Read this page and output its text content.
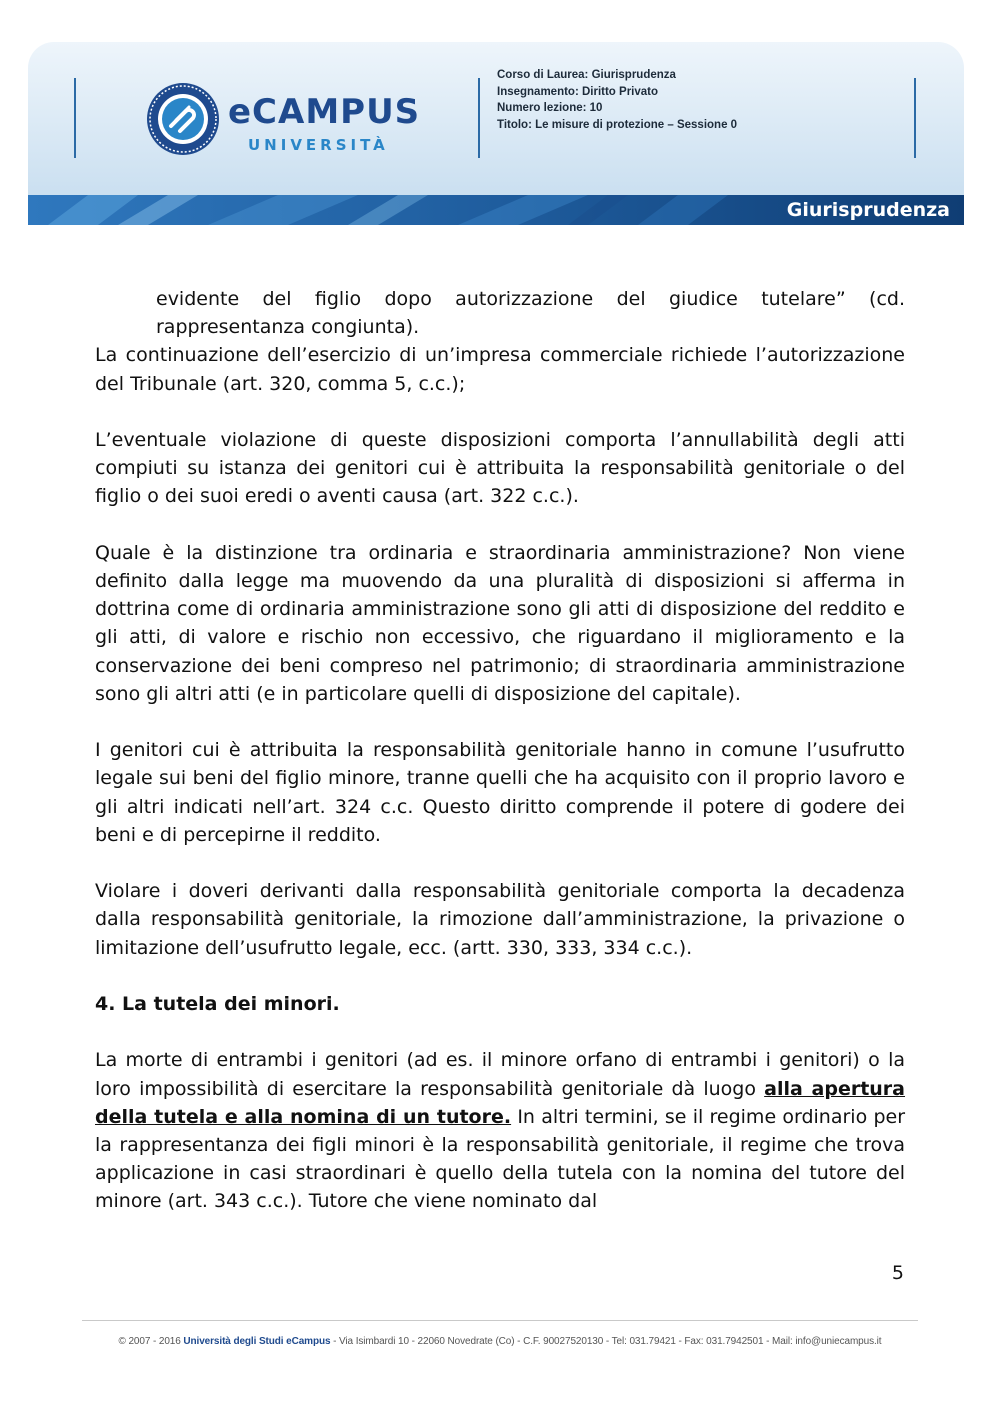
eCAMPUS
UNIVERSITÀ
Corso di Laurea: Giurisprudenza
Insegnamento: Diritto Privato
Numero lezione: 10
Titolo: Le misure di protezione – Sessione 0
Giurisprudenza

evidente del figlio dopo autorizzazione del giudice tutelare” (cd. rappresentanza congiunta).

La continuazione dell’esercizio di un’impresa commerciale richiede l’autorizzazione del Tribunale (art. 320, comma 5, c.c.);

L’eventuale violazione di queste disposizioni comporta l’annullabilità degli atti compiuti su istanza dei genitori cui è attribuita la responsabilità genitoriale o del figlio o dei suoi eredi o aventi causa (art. 322 c.c.).

Quale è la distinzione tra ordinaria e straordinaria amministrazione? Non viene definito dalla legge ma muovendo da una pluralità di disposizioni si afferma in dottrina come di ordinaria amministrazione sono gli atti di disposizione del reddito e gli atti, di valore e rischio non eccessivo, che riguardano il miglioramento e la conservazione dei beni compreso nel patrimonio; di straordinaria amministrazione sono gli altri atti (e in particolare quelli di disposizione del capitale).

I genitori cui è attribuita la responsabilità genitoriale hanno in comune l’usufrutto legale sui beni del figlio minore, tranne quelli che ha acquisito con il proprio lavoro e gli altri indicati nell’art. 324 c.c. Questo diritto comprende il potere di godere dei beni e di percepirne il reddito.

Violare i doveri derivanti dalla responsabilità genitoriale comporta la decadenza dalla responsabilità genitoriale, la rimozione dall’amministrazione, la privazione o limitazione dell’usufrutto legale, ecc. (artt. 330, 333, 334 c.c.).

4. La tutela dei minori.

La morte di entrambi i genitori (ad es. il minore orfano di entrambi i genitori) o la loro impossibilità di esercitare la responsabilità genitoriale dà luogo alla apertura della tutela e alla nomina di un tutore. In altri termini, se il regime ordinario per la rappresentanza dei figli minori è la responsabilità genitoriale, il regime che trova applicazione in casi straordinari è quello della tutela con la nomina del tutore del minore (art. 343 c.c.). Tutore che viene nominato dal

5
© 2007 - 2016 Università degli Studi eCampus - Via Isimbardi 10 - 22060 Novedrate (Co) - C.F. 90027520130 - Tel: 031.79421 - Fax: 031.7942501 - Mail: info@uniecampus.it
